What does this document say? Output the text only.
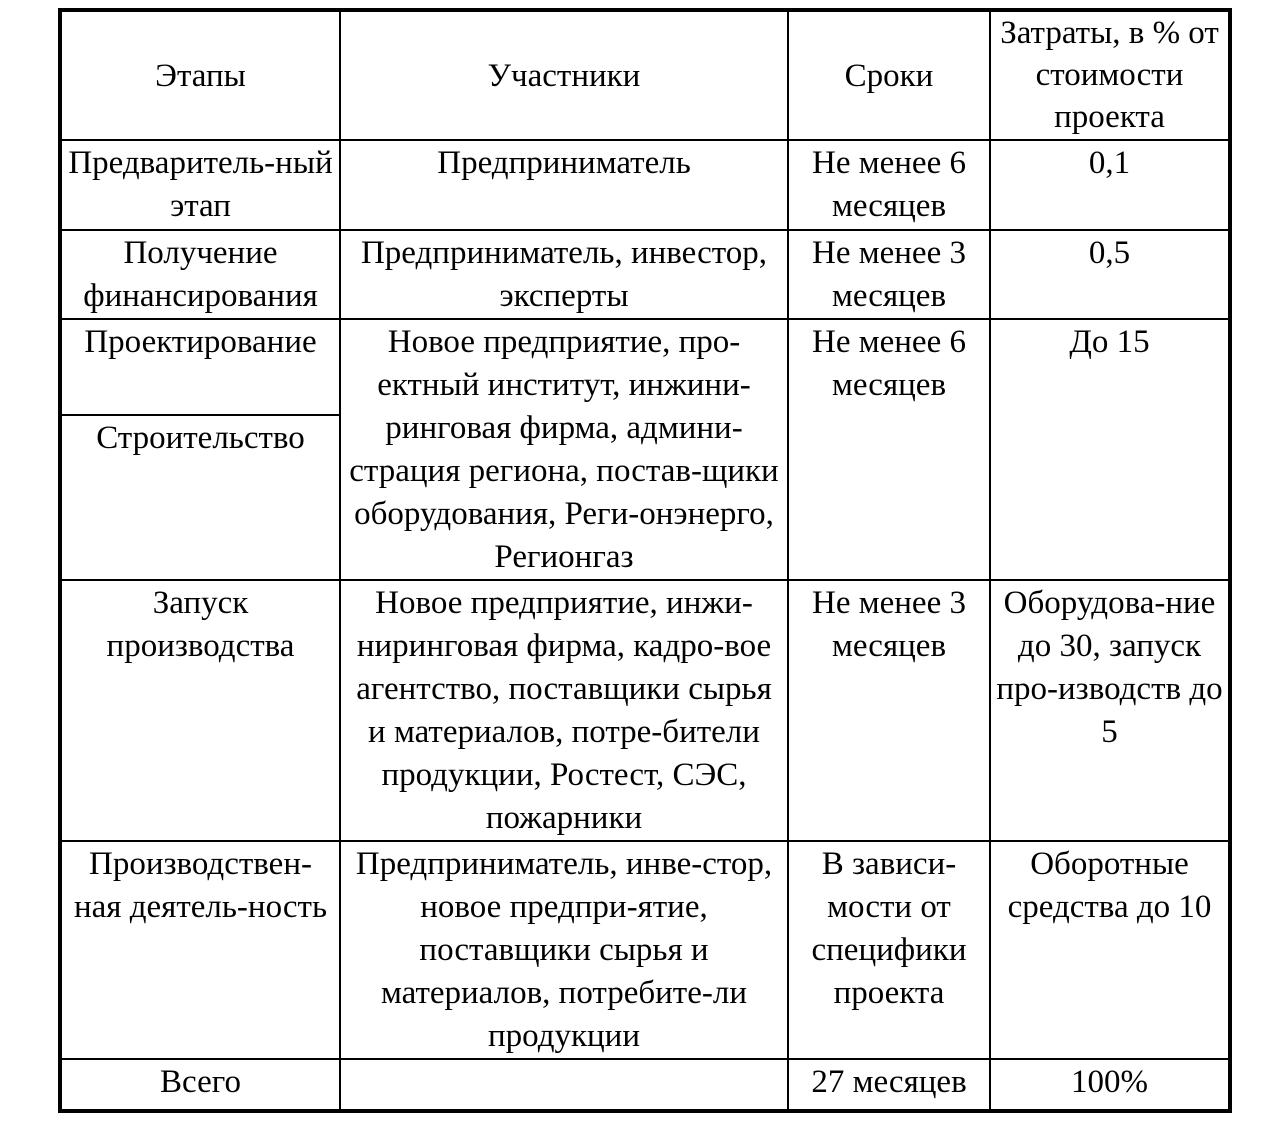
Этапы	Участники	Сроки	Затраты, в % от стоимости проекта
Предваритель-ный этап	Предприниматель	Не менее 6 месяцев	0,1
Получение финансирования	Предприниматель, инвестор, эксперты	Не менее 3 месяцев	0,5
Проектирование	Новое предприятие, про-ектный институт, инжини-ринговая фирма, админи-страция региона, постав-щики оборудования, Реги-онэнерго, Регионгаз	Не менее 6 месяцев	До 15
Строительство			
Запуск производства	Новое предприятие, инжи-ниринговая фирма, кадро-вое агентство, поставщики сырья и материалов, потре-бители продукции, Ростест, СЭС, пожарники	Не менее 3 месяцев	Оборудова-ние до 30, запуск про-изводств до 5
Производствен-ная деятель-ность	Предприниматель, инве-стор, новое предпри-ятие, поставщики сырья и материалов, потребите-ли продукции	В зависи-мости от специфики проекта	Оборотные средства до 10
Всего		27 месяцев	100%
